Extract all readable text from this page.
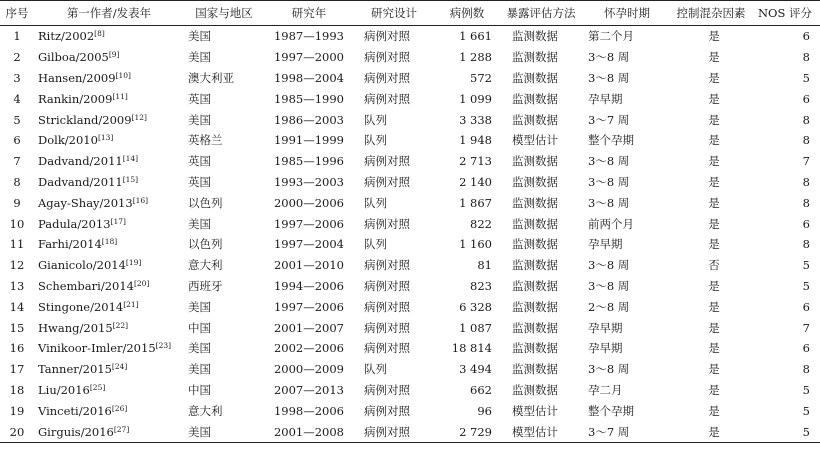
序号	第一作者/发表年	国家与地区	研究年	研究设计	病例数	暴露评估方法	怀孕时期	控制混杂因素	NOS 评分
1	Ritz/2002[8]	美国	1987—1993	病例对照	1 661	监测数据	第二个月	是	6
2	Gilboa/2005[9]	美国	1997—2000	病例对照	1 288	监测数据	3～8 周	是	8
3	Hansen/2009[10]	澳大利亚	1998—2004	病例对照	572	监测数据	3～8 周	是	5
4	Rankin/2009[11]	英国	1985—1990	病例对照	1 099	监测数据	孕早期	是	6
5	Strickland/2009[12]	美国	1986—2003	队列	3 338	监测数据	3～7 周	是	8
6	Dolk/2010[13]	英格兰	1991—1999	队列	1 948	模型估计	整个孕期	是	8
7	Dadvand/2011[14]	英国	1985—1996	病例对照	2 713	监测数据	3～8 周	是	7
8	Dadvand/2011[15]	英国	1993—2003	病例对照	2 140	监测数据	3～8 周	是	8
9	Agay-Shay/2013[16]	以色列	2000—2006	队列	1 867	监测数据	3～8 周	是	8
10	Padula/2013[17]	美国	1997—2006	病例对照	822	监测数据	前两个月	是	6
11	Farhi/2014[18]	以色列	1997—2004	队列	1 160	监测数据	孕早期	是	8
12	Gianicolo/2014[19]	意大利	2001—2010	病例对照	81	监测数据	3～8 周	否	5
13	Schembari/2014[20]	西班牙	1994—2006	病例对照	823	监测数据	3～8 周	是	5
14	Stingone/2014[21]	美国	1997—2006	病例对照	6 328	监测数据	2～8 周	是	6
15	Hwang/2015[22]	中国	2001—2007	病例对照	1 087	监测数据	孕早期	是	7
16	Vinikoor-Imler/2015[23]	美国	2002—2006	病例对照	18 814	监测数据	孕早期	是	6
17	Tanner/2015[24]	美国	2000—2009	队列	3 494	监测数据	3～8 周	是	8
18	Liu/2016[25]	中国	2007—2013	病例对照	662	监测数据	孕二月	是	5
19	Vinceti/2016[26]	意大利	1998—2006	病例对照	96	模型估计	整个孕期	是	5
20	Girguis/2016[27]	美国	2001—2008	病例对照	2 729	模型估计	3～7 周	是	5
